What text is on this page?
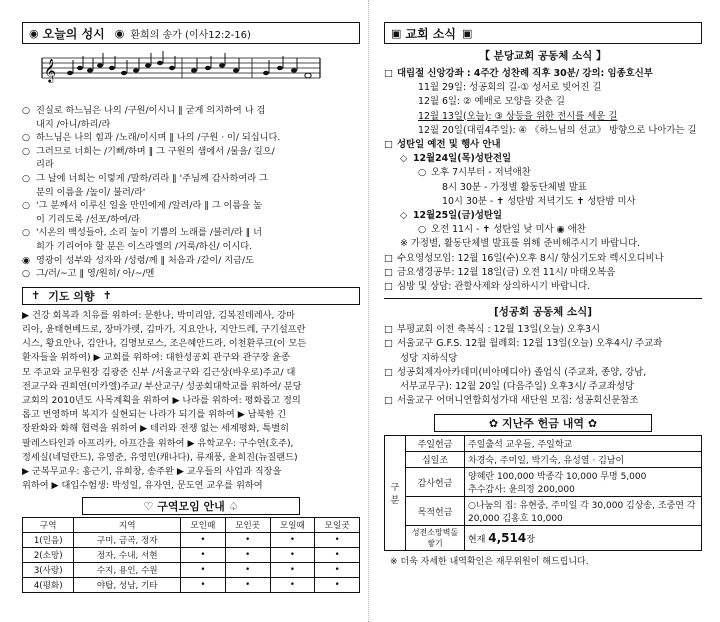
◉ 오늘의 성시 ◉ 환희의 송가 (이사12:2-16)
𝄞
○ 진실로 하느님은 나의 /구원/이시니 ‖ 굳게 의지하여 나 겁
내지 /아니/하리/라
○ 하느님은 나의 힘과 /노래/이시며 ‖ 나의 /구원 · 이/ 되십니다.
○ 그러므로 너희는 /기뻐/하며 ‖ 그 구원의 샘에서 /물을/ 길으/
리라
○ 그 날에 너희는 이렇게 /말하/리라 ‖ '주님께 감사하여라 그
분의 이름을 /높이/ 불러/라'
○ '그 분께서 이루신 일을 만민에게 /알려/라 ‖ 그 이름을 높
이 기리도록 /선포/하여/라
○ '시온의 백성들아, 소리 높이 기쁨의 노래를 /불러/라 ‖ 너
희가 기리어야 할 분은 이스라엘의 /거룩/하신/ 이시다.
◉ 영광이 성부와 성자와 /성령/께 ‖ 처음과 /같이/ 지금/도
○ 그/러/~고 ‖ 영/원히/ 아/~/멘
✝ 기도 의향 ✝
▶ 건강 회복과 치유를 위하여: 문한나, 박미리암, 김복진데레사, 강마
리아, 윤태현베드로, 장마가렛, 김마가, 지요안나, 지안드레, 구기설프란
시스, 황요안나, 김안나, 김명보로스, 조은혜안드라, 이천환루크(이 모든
환자들을 위하여) ▶ 교회를 위하여: 대한성공회 관구와 관구장 윤종
모 주교와 교무원장 김광준 신부 /서울교구와 김근상(바우로)주교/ 대
전교구와 권희연(미카엘)주교/ 부산교구/ 성공회대학교를 위하여/ 분당
교회의 2010년도 사목계획을 위하여 ▶ 나라를 위하여: 평화롭고 정의
롭고 번영하며 복지가 실현되는 나라가 되기를 위하여 ▶ 남북한 긴
장완화와 화해 협력을 위하여 ▶ 테러와 전쟁 없는 세계평화, 특별히
팔레스타인과 아프리카, 아프간을 위하여 ▶ 유학교우: 구수연(호주),
정세실(네덜란드), 유영준, 유영민(캐나다), 류재풍, 윤희진(뉴질랜드)
▶ 군복무교우: 홍근기, 유희창, 송주완 ▶ 교우들의 사업과 직장을
위하여 ▶ 대입수험생: 박성일, 유자연, 문도연 교우를 위하여
♡ 구역모임 안내 ♤
구역	지역	모인때	모인곳	모일때	모일곳
1(민음)	구미, 금곡, 정자	•	•	•	•
2(소망)	정자, 수내, 서현	•	•	•	•
3(사랑)	수지, 용인, 수원	•	•	•	•
4(평화)	야탑, 성남, 기타	•	•	•	•
▣ 교회 소식 ▣
【 분당교회 공동체 소식 】
□ 대림절 신앙강좌 : 4주간 성찬례 직후 30분/ 강의: 임종호신부
11월 29일: 성공회의 길-① 성서로 빚어진 길
12월 6일: ② 예배로 모양을 갖춘 길
12월 13일(오늘): ③ 상등을 위한 전시를 세운 길
12월 20일(대림4주일): ④ 《하느님의 선교》 방향으로 나아가는 길
□ 성탄일 예전 및 행사 안내
◇ 12월24일(목)성탄전일
○ 오후 7시부터 - 저녁애찬
8시 30분 - 가정별 활동단체별 발표
10시 30분 - ✝ 성탄밤 저녁기도 ✝ 성탄밤 미사
◇ 12월25일(금)성탄일
○ 오전 11시 - ✝ 성탄일 낮 미사 ◉ 애찬
※ 가정별, 활동단체별 발표를 위해 준비해주시기 바랍니다.
□ 수요영성모임: 12월 16일(수)오후 8시/ 향심기도와 렉시오디비나
□ 금요생경공부: 12월 18일(금) 오전 11시/ 마태오복음
□ 심방 및 상담: 관할사제와 상의하시기 바랍니다.
[성공회 공동체 소식]
□ 부평교회 이전 축복식 : 12월 13일(오늘) 오후3시
□ 서울교구 G.F.S. 12월 월례회: 12월 13일(오늘) 오후4시/ 주교좌
성당 지하식당
□ 성공회제자아카데미(비아메디아) 졸업식 (주교좌, 종양, 강남,
서부교무구): 12월 20일 (다음주일) 오후3시/ 주교좌성당
□ 서울교구 어머니연합회성가대 새단원 모집: 성공회신문참조
✿ 지난주 헌금 내역 ✿
구분	주일헌금	주일출석 교우들, 주일학교
	십일조	차경숙, 주미일, 박기숙, 유성열 · 김남이
	감사헌금	양혜란 100,000 박종각 10,000 무명 5,000
추수감사: 윤의정 200,000

	목적헌금	○나눔의 집: 유현중, 주미일 각 30,000 김상송, 조중연 각
20,000 김홍호 10,000

	성전소망벽돌쌓기	현재 4,514장
※ 더욱 자세한 내역확인은 재무위원이 해드립니다.
